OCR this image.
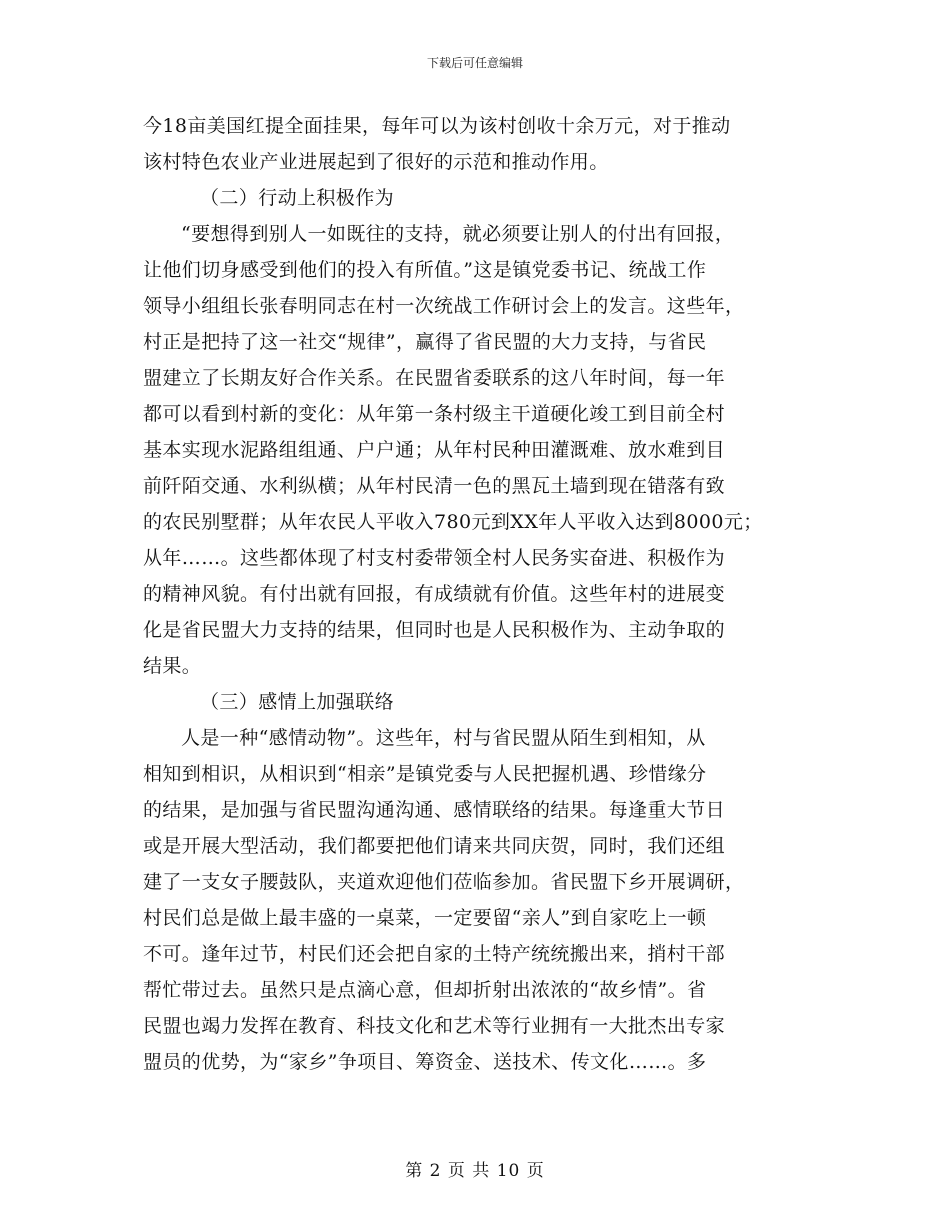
下载后可任意编辑
今18亩美国红提全面挂果，每年可以为该村创收十余万元，对于推动
该村特色农业产业进展起到了很好的示范和推动作用。
（二）行动上积极作为
“要想得到别人一如既往的支持，就必须要让别人的付出有回报，
让他们切身感受到他们的投入有所值。”这是镇党委书记、统战工作
领导小组组长张春明同志在村一次统战工作研讨会上的发言。这些年，
村正是把持了这一社交“规律”，赢得了省民盟的大力支持，与省民
盟建立了长期友好合作关系。在民盟省委联系的这八年时间，每一年
都可以看到村新的变化：从年第一条村级主干道硬化竣工到目前全村
基本实现水泥路组组通、户户通；从年村民种田灌溉难、放水难到目
前阡陌交通、水利纵横；从年村民清一色的黑瓦土墙到现在错落有致
的农民别墅群；从年农民人平收入780元到XX年人平收入达到8000元；
从年……。这些都体现了村支村委带领全村人民务实奋进、积极作为
的精神风貌。有付出就有回报，有成绩就有价值。这些年村的进展变
化是省民盟大力支持的结果，但同时也是人民积极作为、主动争取的
结果。
（三）感情上加强联络
人是一种“感情动物”。这些年，村与省民盟从陌生到相知，从
相知到相识，从相识到“相亲”是镇党委与人民把握机遇、珍惜缘分
的结果，是加强与省民盟沟通沟通、感情联络的结果。每逢重大节日
或是开展大型活动，我们都要把他们请来共同庆贺，同时，我们还组
建了一支女子腰鼓队，夹道欢迎他们莅临参加。省民盟下乡开展调研，
村民们总是做上最丰盛的一桌菜，一定要留“亲人”到自家吃上一顿
不可。逢年过节，村民们还会把自家的土特产统统搬出来，捎村干部
帮忙带过去。虽然只是点滴心意，但却折射出浓浓的“故乡情”。省
民盟也竭力发挥在教育、科技文化和艺术等行业拥有一大批杰出专家
盟员的优势，为“家乡”争项目、筹资金、送技术、传文化……。多
第 2 页 共 10 页
